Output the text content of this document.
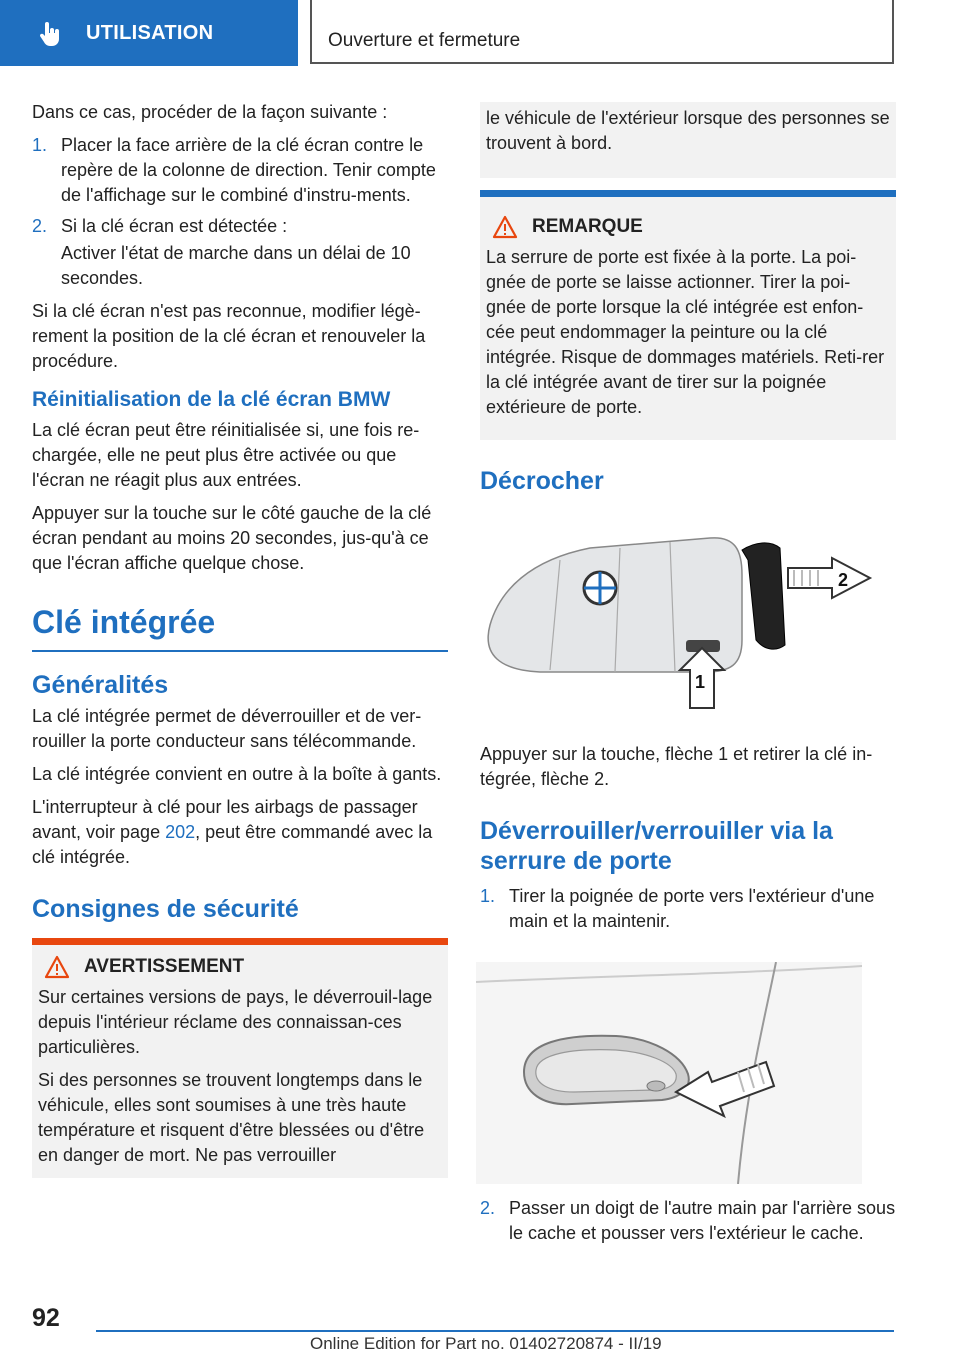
UTILISATION	Ouverture et fermeture

Dans ce cas, procéder de la façon suivante :

1. Placer la face arrière de la clé écran contre le repère de la colonne de direction. Tenir compte de l'affichage sur le combiné d'instru-ments.
2. Si la clé écran est détectée :

Activer l'état de marche dans un délai de 10 secondes.

Si la clé écran n'est pas reconnue, modifier légè-rement la position de la clé écran et renouveler la procédure.

Réinitialisation de la clé écran BMW

La clé écran peut être réinitialisée si, une fois re-chargée, elle ne peut plus être activée ou que l'écran ne réagit plus aux entrées.

Appuyer sur la touche sur le côté gauche de la clé écran pendant au moins 20 secondes, jus-qu'à ce que l'écran affiche quelque chose.

Clé intégrée
Généralités

La clé intégrée permet de déverrouiller et de ver-rouiller la porte conducteur sans télécommande.

La clé intégrée convient en outre à la boîte à gants.

L'interrupteur à clé pour les airbags de passager avant, voir page 202, peut être commandé avec la clé intégrée.

Consignes de sécurité
AVERTISSEMENT

Sur certaines versions de pays, le déverrouil-lage depuis l'intérieur réclame des connaissan-ces particulières.

Si des personnes se trouvent longtemps dans le véhicule, elles sont soumises à une très haute température et risquent d'être blessées ou d'être en danger de mort. Ne pas verrouiller

le véhicule de l'extérieur lorsque des personnes se trouvent à bord.

REMARQUE

La serrure de porte est fixée à la porte. La poi-gnée de porte se laisse actionner. Tirer la poi-gnée de porte lorsque la clé intégrée est enfon-cée peut endommager la peinture ou la clé intégrée. Risque de dommages matériels. Reti-rer la clé intégrée avant de tirer sur la poignée extérieure de porte.

Décrocher
2
1

Appuyer sur la touche, flèche 1 et retirer la clé in-tégrée, flèche 2.

Déverrouiller/verrouiller via la serrure de porte
1. Tirer la poignée de porte vers l'extérieur d'une main et la maintenir.
2. Passer un doigt de l'autre main par l'arrière sous le cache et pousser vers l'extérieur le cache.
92
Online Edition for Part no. 01402720874 - II/19
